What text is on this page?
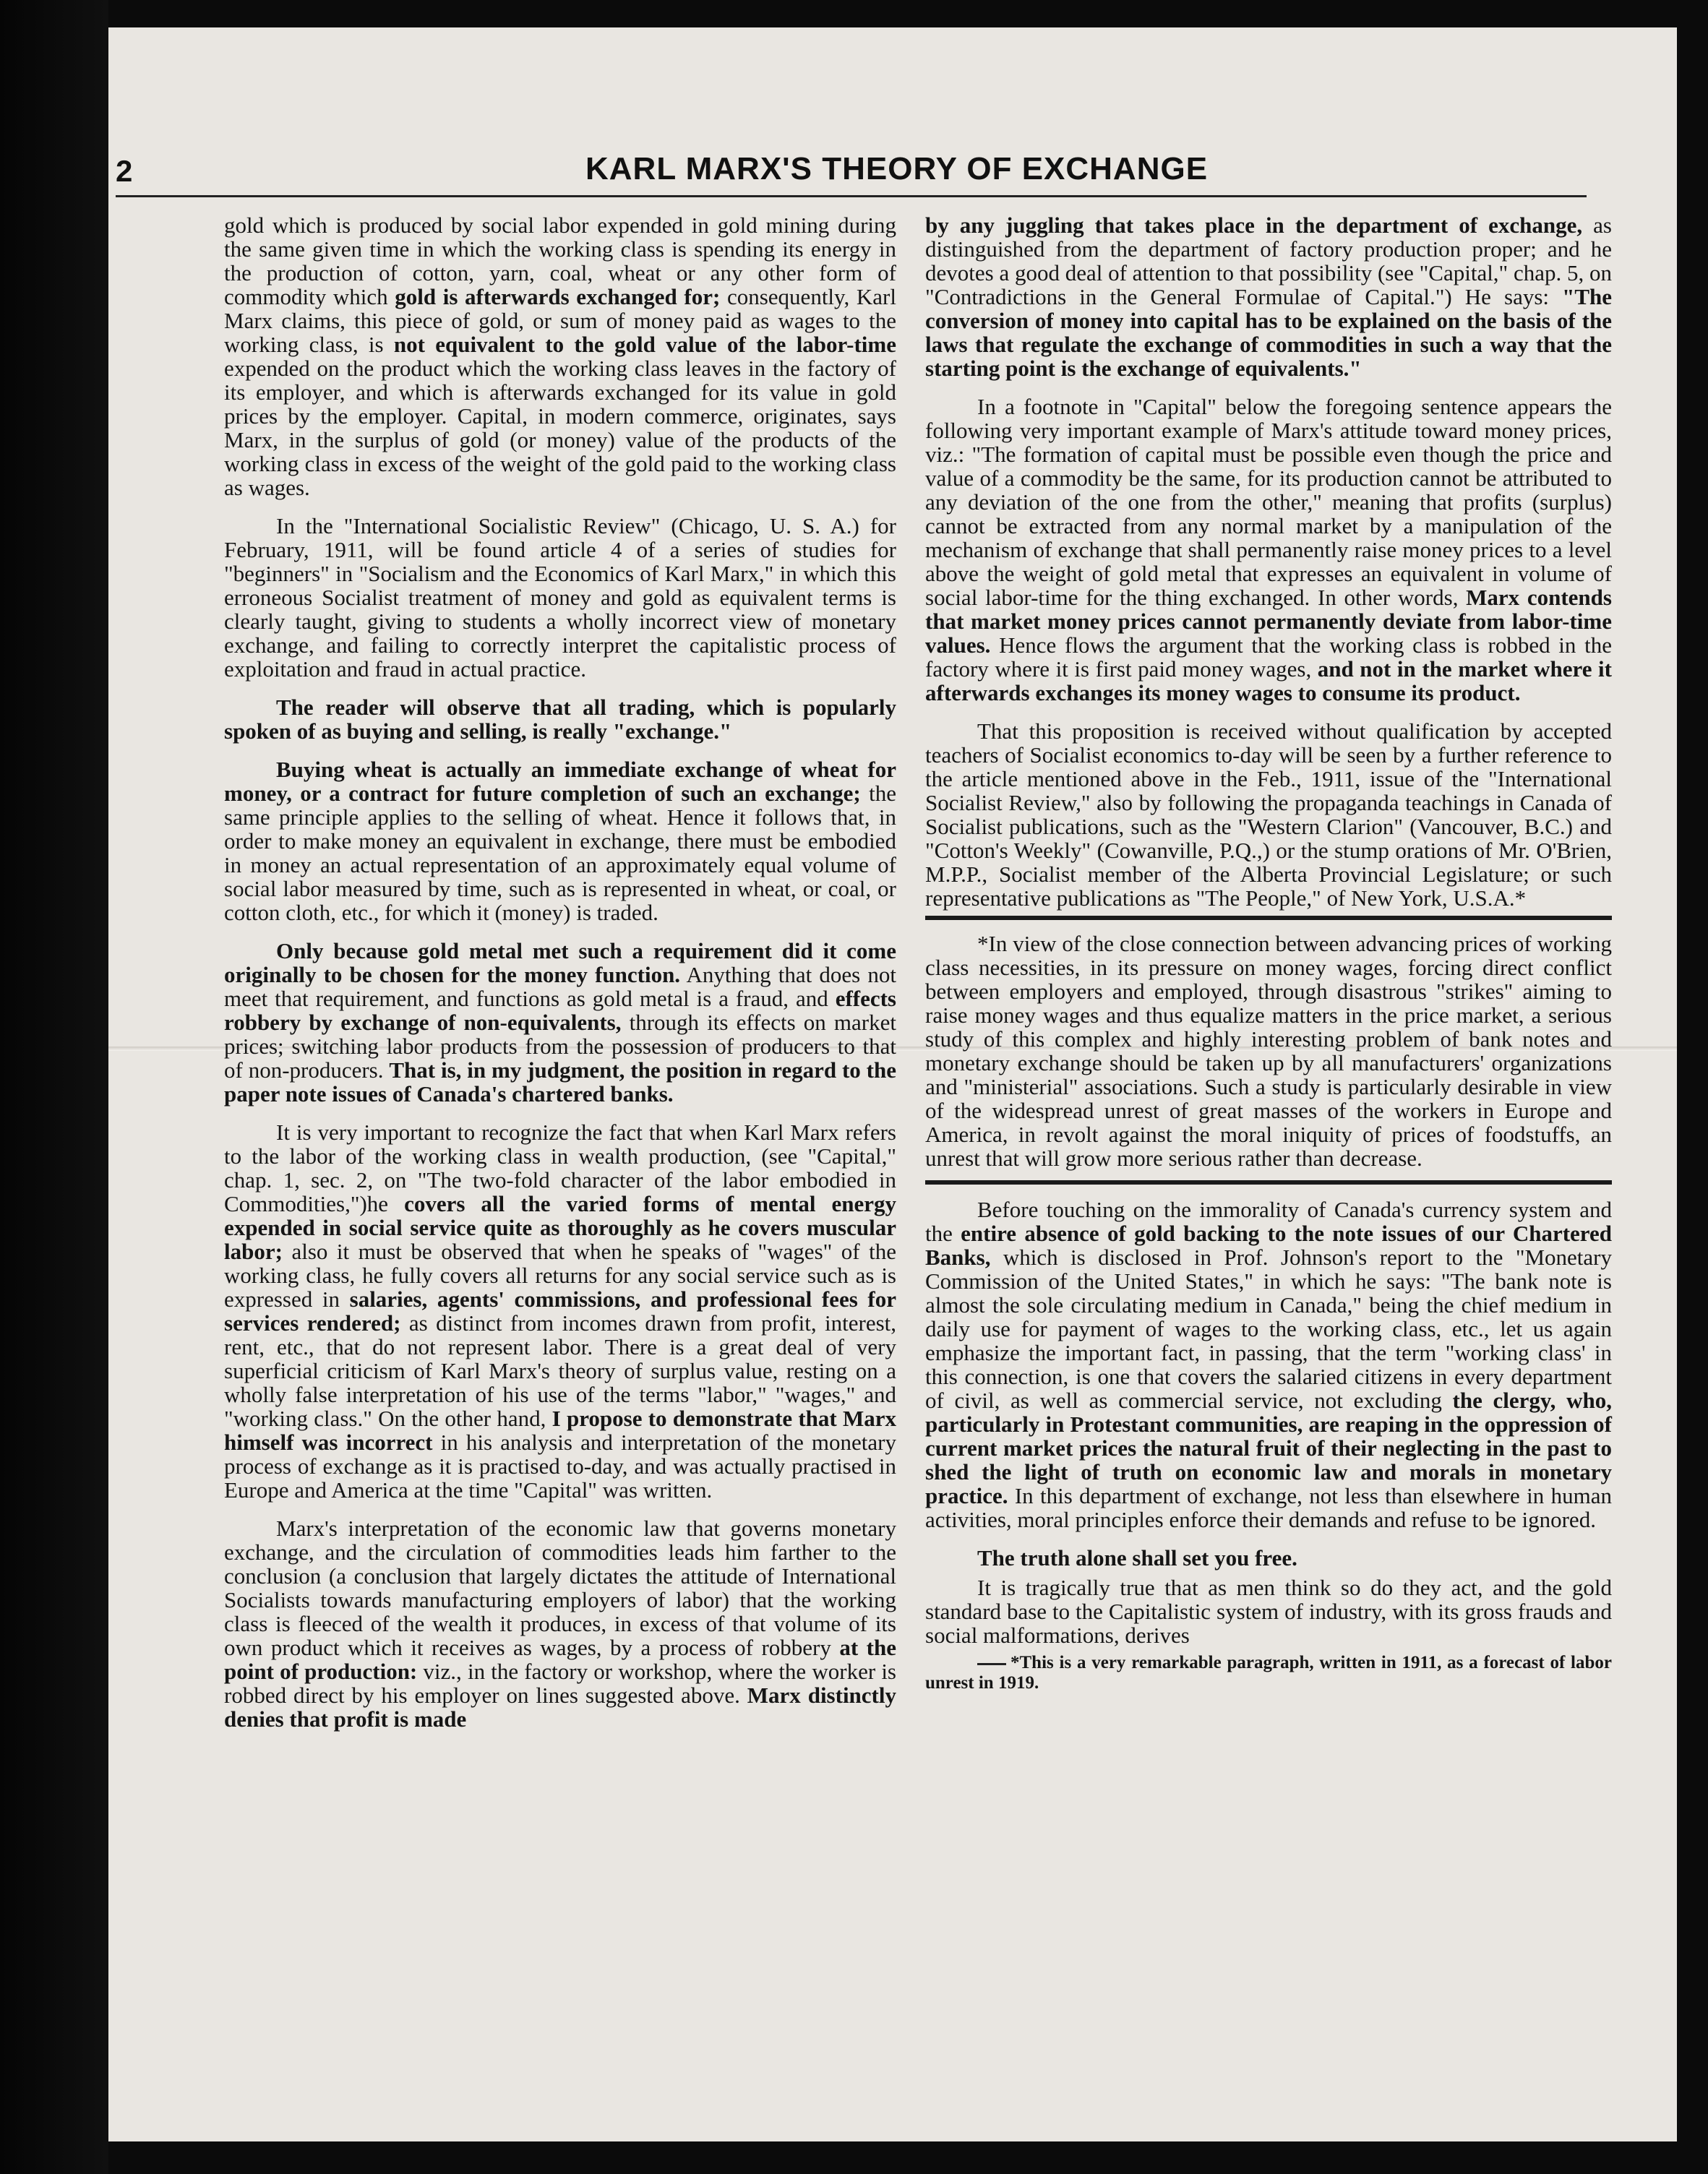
2	KARL MARX'S THEORY OF EXCHANGE

gold which is produced by social labor expended in gold mining during the same given time in which the working class is spending its energy in the production of cotton, yarn, coal, wheat or any other form of commodity which gold is afterwards exchanged for; consequently, Karl Marx claims, this piece of gold, or sum of money paid as wages to the working class, is not equivalent to the gold value of the labor-time expended on the product which the working class leaves in the factory of its employer, and which is afterwards exchanged for its value in gold prices by the employer. Capital, in modern commerce, originates, says Marx, in the surplus of gold (or money) value of the products of the working class in excess of the weight of the gold paid to the working class as wages.

In the "International Socialistic Review" (Chicago, U. S. A.) for February, 1911, will be found article 4 of a series of studies for "beginners" in "Socialism and the Economics of Karl Marx," in which this erroneous Socialist treatment of money and gold as equivalent terms is clearly taught, giving to students a wholly incorrect view of monetary exchange, and failing to correctly interpret the capitalistic process of exploitation and fraud in actual practice.

The reader will observe that all trading, which is popularly spoken of as buying and selling, is really "exchange."

Buying wheat is actually an immediate exchange of wheat for money, or a contract for future completion of such an exchange; the same principle applies to the selling of wheat. Hence it follows that, in order to make money an equivalent in exchange, there must be embodied in money an actual representation of an approximately equal volume of social labor measured by time, such as is represented in wheat, or coal, or cotton cloth, etc., for which it (money) is traded.

Only because gold metal met such a requirement did it come originally to be chosen for the money function. Anything that does not meet that requirement, and functions as gold metal is a fraud, and effects robbery by exchange of non-equivalents, through its effects on market prices; switching labor products from the possession of producers to that of non-producers. That is, in my judgment, the position in regard to the paper note issues of Canada's chartered banks.

It is very important to recognize the fact that when Karl Marx refers to the labor of the working class in wealth production, (see "Capital," chap. 1, sec. 2, on "The two-fold character of the labor embodied in Commodities,")he covers all the varied forms of mental energy expended in social service quite as thoroughly as he covers muscular labor; also it must be observed that when he speaks of "wages" of the working class, he fully covers all returns for any social service such as is expressed in salaries, agents' commissions, and professional fees for services rendered; as distinct from incomes drawn from profit, interest, rent, etc., that do not represent labor. There is a great deal of very superficial criticism of Karl Marx's theory of surplus value, resting on a wholly false interpretation of his use of the terms "labor," "wages," and "working class." On the other hand, I propose to demonstrate that Marx himself was incorrect in his analysis and interpretation of the monetary process of exchange as it is practised to-day, and was actually practised in Europe and America at the time "Capital" was written.

Marx's interpretation of the economic law that governs monetary exchange, and the circulation of commodities leads him farther to the conclusion (a conclusion that largely dictates the attitude of International Socialists towards manufacturing employers of labor) that the working class is fleeced of the wealth it produces, in excess of that volume of its own product which it receives as wages, by a process of robbery at the point of production: viz., in the factory or workshop, where the worker is robbed direct by his employer on lines suggested above. Marx distinctly denies that profit is made

by any juggling that takes place in the department of exchange, as distinguished from the department of factory production proper; and he devotes a good deal of attention to that possibility (see "Capital," chap. 5, on "Contradictions in the General Formulae of Capital.") He says: "The conversion of money into capital has to be explained on the basis of the laws that regulate the exchange of commodities in such a way that the starting point is the exchange of equivalents."

In a footnote in "Capital" below the foregoing sentence appears the following very important example of Marx's attitude toward money prices, viz.: "The formation of capital must be possible even though the price and value of a commodity be the same, for its production cannot be attributed to any deviation of the one from the other," meaning that profits (surplus) cannot be extracted from any normal market by a manipulation of the mechanism of exchange that shall permanently raise money prices to a level above the weight of gold metal that expresses an equivalent in volume of social labor-time for the thing exchanged. In other words, Marx contends that market money prices cannot permanently deviate from labor-time values. Hence flows the argument that the working class is robbed in the factory where it is first paid money wages, and not in the market where it afterwards exchanges its money wages to consume its product.

That this proposition is received without qualification by accepted teachers of Socialist economics to-day will be seen by a further reference to the article mentioned above in the Feb., 1911, issue of the "International Socialist Review," also by following the propaganda teachings in Canada of Socialist publications, such as the "Western Clarion" (Vancouver, B.C.) and "Cotton's Weekly" (Cowanville, P.Q.,) or the stump orations of Mr. O'Brien, M.P.P., Socialist member of the Alberta Provincial Legislature; or such representative publications as "The People," of New York, U.S.A.*

*In view of the close connection between advancing prices of working class necessities, in its pressure on money wages, forcing direct conflict between employers and employed, through disastrous "strikes" aiming to raise money wages and thus equalize matters in the price market, a serious study of this complex and highly interesting problem of bank notes and monetary exchange should be taken up by all manufacturers' organizations and "ministerial" associations. Such a study is particularly desirable in view of the widespread unrest of great masses of the workers in Europe and America, in revolt against the moral iniquity of prices of foodstuffs, an unrest that will grow more serious rather than decrease.

Before touching on the immorality of Canada's currency system and the entire absence of gold backing to the note issues of our Chartered Banks, which is disclosed in Prof. Johnson's report to the "Monetary Commission of the United States," in which he says: "The bank note is almost the sole circulating medium in Canada," being the chief medium in daily use for payment of wages to the working class, etc., let us again emphasize the important fact, in passing, that the term "working class' in this connection, is one that covers the salaried citizens in every department of civil, as well as commercial service, not excluding the clergy, who, particularly in Protestant communities, are reaping in the oppression of current market prices the natural fruit of their neglecting in the past to shed the light of truth on economic law and morals in monetary practice. In this department of exchange, not less than elsewhere in human activities, moral principles enforce their demands and refuse to be ignored.

The truth alone shall set you free.

It is tragically true that as men think so do they act, and the gold standard base to the Capitalistic system of industry, with its gross frauds and social malformations, derives

*This is a very remarkable paragraph, written in 1911, as a forecast of labor unrest in 1919.
